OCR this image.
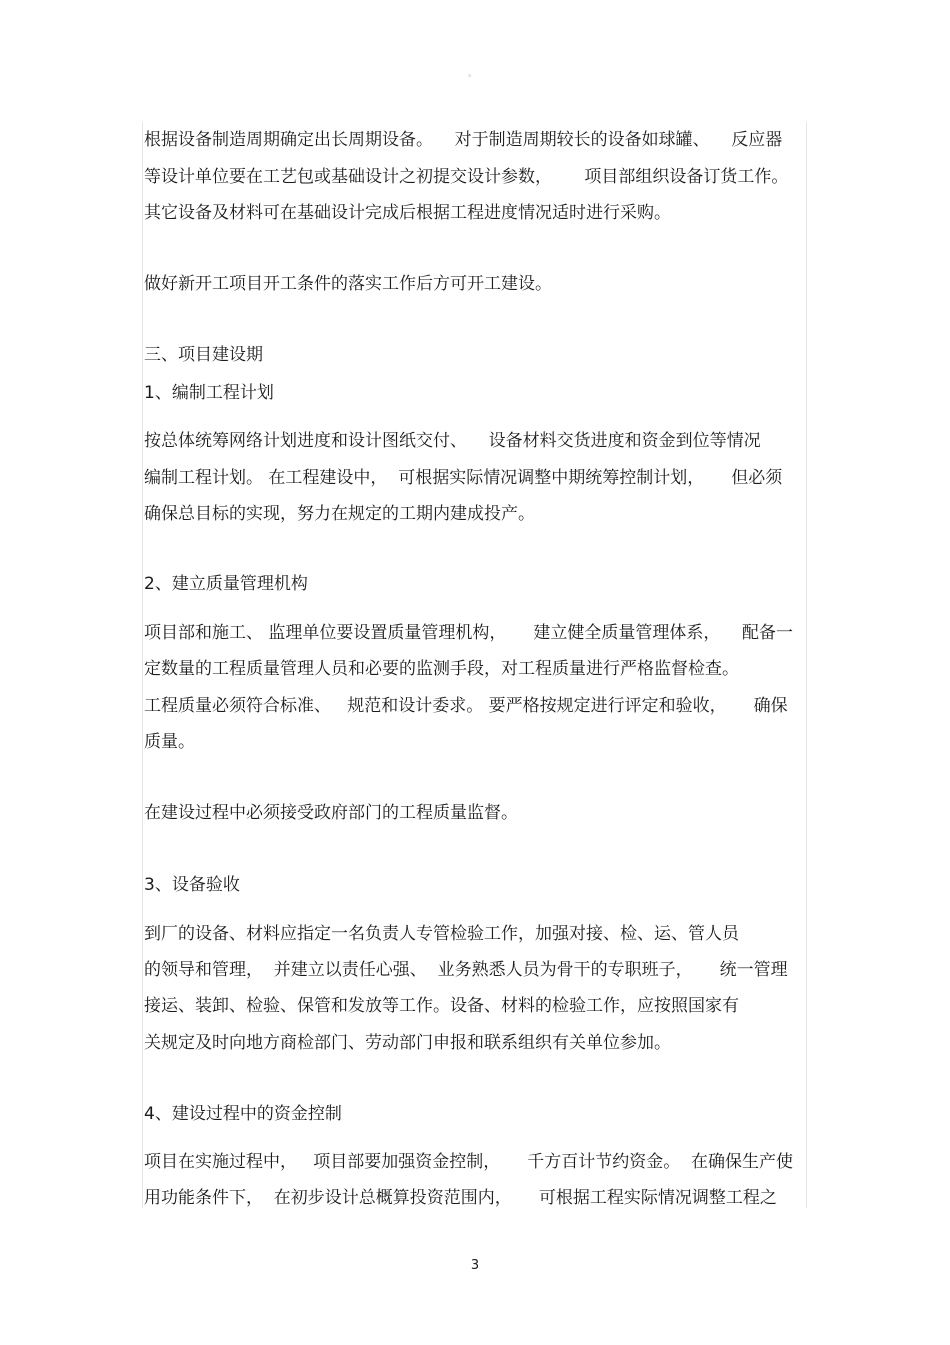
。
根据设备制造周期确定出长周期设备。    对于制造周期较长的设备如球罐、    反应器
等设计单位要在工艺包或基础设计之初提交设计参数，      项目部组织设备订货工作。
其它设备及材料可在基础设计完成后根据工程进度情况适时进行采购。
做好新开工项目开工条件的落实工作后方可开工建设。
三、项目建设期
1、编制工程计划
按总体统筹网络计划进度和设计图纸交付、    设备材料交货进度和资金到位等情况
编制工程计划。 在工程建设中，  可根据实际情况调整中期统筹控制计划，     但必须
确保总目标的实现，努力在规定的工期内建成投产。
2、建立质量管理机构
项目部和施工、 监理单位要设置质量管理机构，     建立健全质量管理体系，    配备一
定数量的工程质量管理人员和必要的监测手段，对工程质量进行严格监督检查。
工程质量必须符合标准、   规范和设计委求。 要严格按规定进行评定和验收，     确保
质量。
在建设过程中必须接受政府部门的工程质量监督。
3、设备验收
到厂的设备、材料应指定一名负责人专管检验工作，加强对接、检、运、管人员
的领导和管理，  并建立以责任心强、  业务熟悉人员为骨干的专职班子，     统一管理
接运、装卸、检验、保管和发放等工作。设备、材料的检验工作，应按照国家有
关规定及时向地方商检部门、劳动部门申报和联系组织有关单位参加。
4、建设过程中的资金控制
项目在实施过程中，   项目部要加强资金控制，     千方百计节约资金。  在确保生产使
用功能条件下，  在初步设计总概算投资范围内，     可根据工程实际情况调整工程之
3
